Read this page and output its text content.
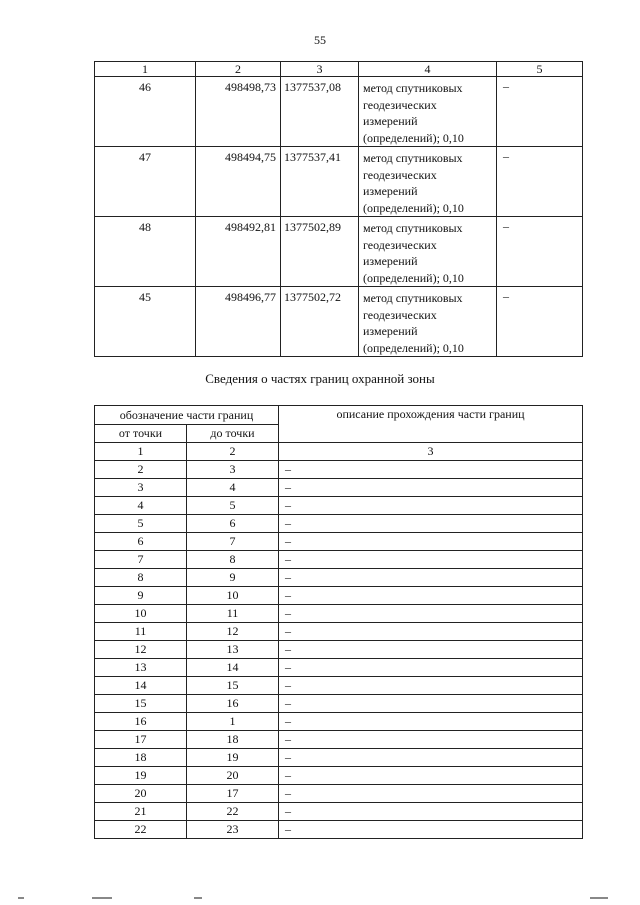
55
1	2	3	4	5
46	498498,73	1377537,08	метод спутниковых
геодезических
измерений
(определений); 0,10	–
47	498494,75	1377537,41	метод спутниковых
геодезических
измерений
(определений); 0,10	–
48	498492,81	1377502,89	метод спутниковых
геодезических
измерений
(определений); 0,10	–
45	498496,77	1377502,72	метод спутниковых
геодезических
измерений
(определений); 0,10	–
Сведения о частях границ охранной зоны
обозначение части границ		описание прохождения части границ
от точки	до точки	
1	2	3
2	3	–
3	4	–
4	5	–
5	6	–
6	7	–
7	8	–
8	9	–
9	10	–
10	11	–
11	12	–
12	13	–
13	14	–
14	15	–
15	16	–
16	1	–
17	18	–
18	19	–
19	20	–
20	17	–
21	22	–
22	23	–
